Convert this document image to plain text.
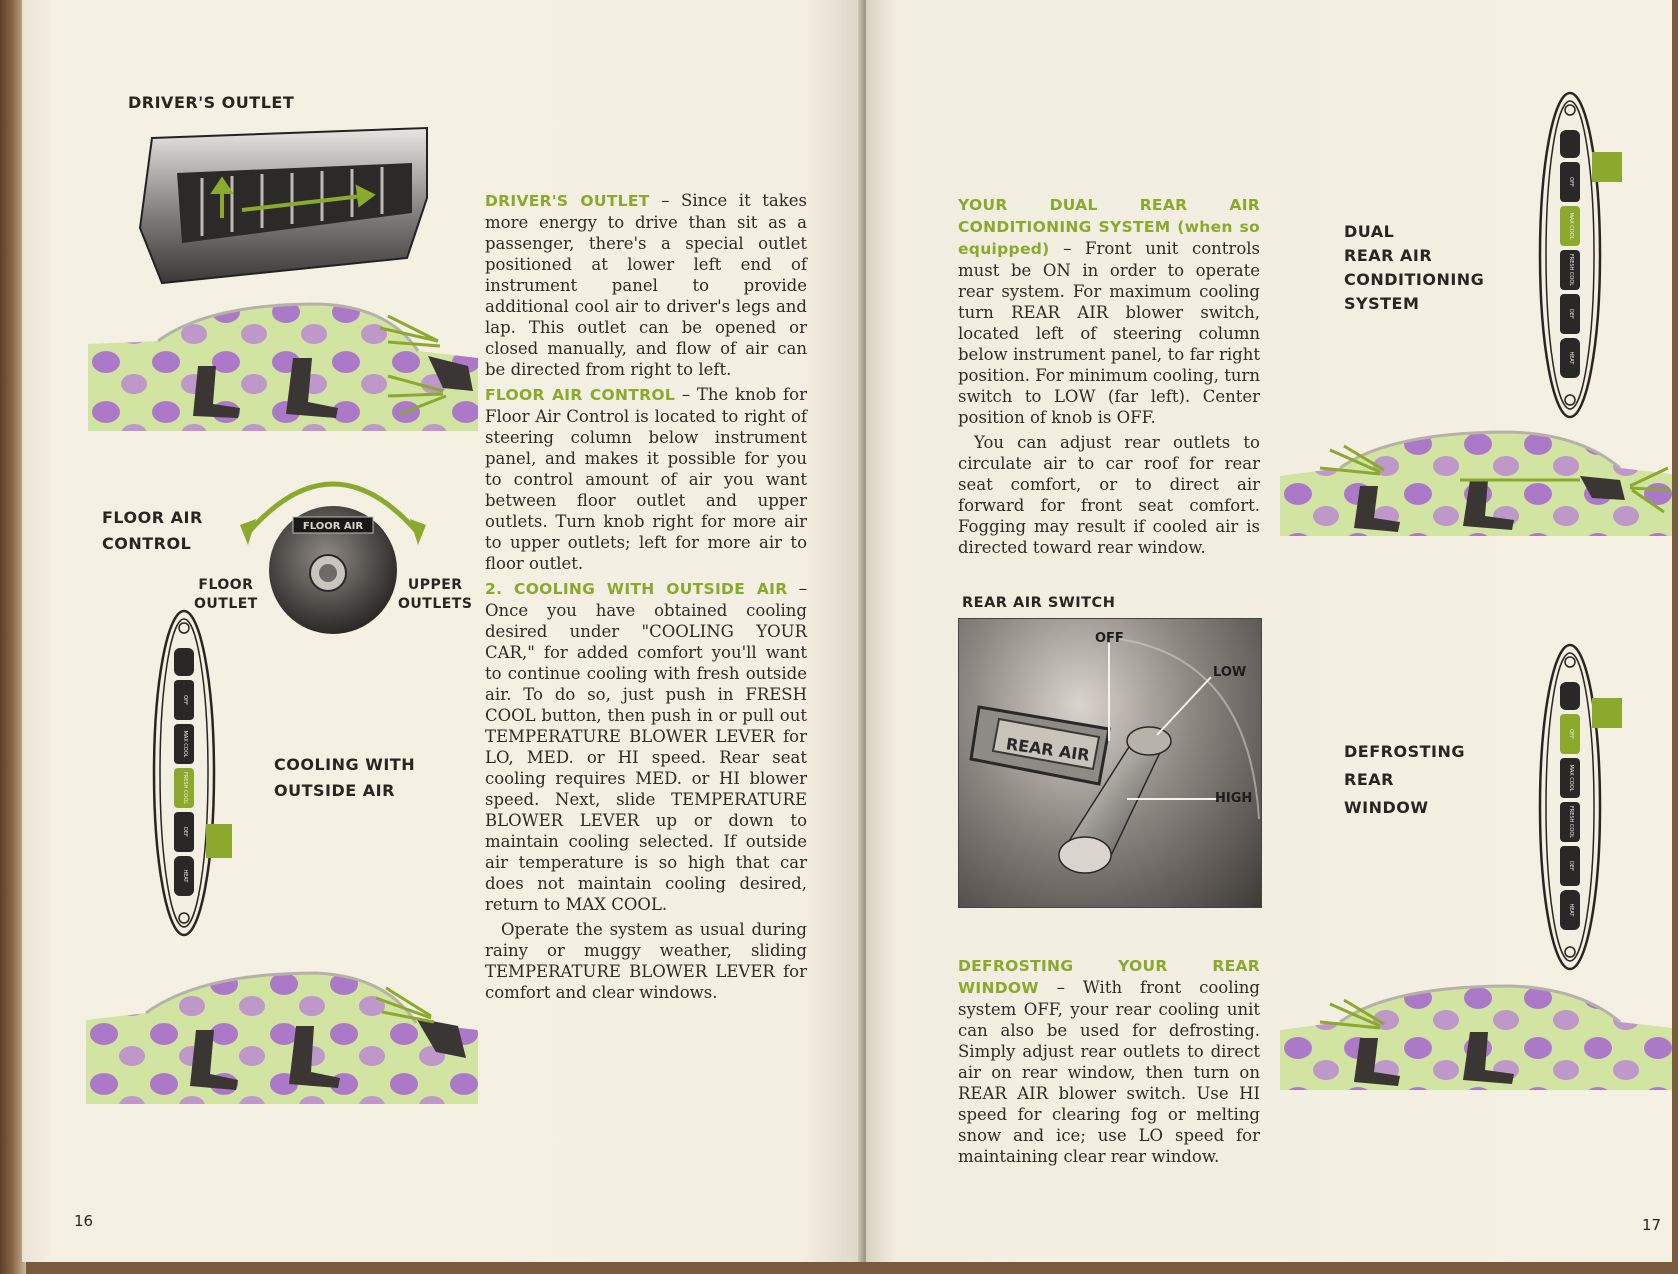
DRIVER'S OUTLET
FLOOR AIR
CONTROL
FLOOR
OUTLET
UPPER
OUTLETS
FLOOR AIR
OFF
MAX COOL
FRESH COOL
DEF
HEAT
COOLING WITH
OUTSIDE AIR

DRIVER'S OUTLET – Since it takes more energy to drive than sit as a passenger, there's a special outlet positioned at lower left end of instrument panel to provide additional cool air to driver's legs and lap. This outlet can be opened or closed manually, and flow of air can be directed from right to left.

FLOOR AIR CONTROL – The knob for Floor Air Control is located to right of steering column below instrument panel, and makes it possible for you to control amount of air you want between floor outlet and upper outlets. Turn knob right for more air to upper outlets; left for more air to floor outlet.

2. COOLING WITH OUTSIDE AIR – Once you have obtained cooling desired under "COOLING YOUR CAR," for added comfort you'll want to continue cooling with fresh outside air. To do so, just push in FRESH COOL button, then push in or pull out TEMPERATURE BLOWER LEVER for LO, MED. or HI speed. Rear seat cooling requires MED. or HI blower speed. Next, slide TEMPERATURE BLOWER LEVER up or down to maintain cooling selected. If outside air temperature is so high that car does not maintain cooling desired, return to MAX COOL.

Operate the system as usual during rainy or muggy weather, sliding TEMPERATURE BLOWER LEVER for comfort and clear windows.

16

YOUR DUAL REAR AIR CONDITIONING SYSTEM (when so equipped) – Front unit controls must be ON in order to operate rear system. For maximum cooling turn REAR AIR blower switch, located left of steering column below instrument panel, to far right position. For minimum cooling, turn switch to LOW (far left). Center position of knob is OFF.

You can adjust rear outlets to circulate air to car roof for rear seat comfort, or to direct air forward for front seat comfort. Fogging may result if cooled air is directed toward rear window.

REAR AIR SWITCH
REAR AIR
OFF
LOW
HIGH

DEFROSTING YOUR REAR WINDOW – With front cooling system OFF, your rear cooling unit can also be used for defrosting. Simply adjust rear outlets to direct air on rear window, then turn on REAR AIR blower switch. Use HI speed for clearing fog or melting snow and ice; use LO speed for maintaining clear rear window.

DUAL
REAR AIR
CONDITIONING
SYSTEM
DEFROSTING
REAR
WINDOW
OFF
MAX COOL
FRESH COOL
DEF
HEAT
OFF
MAX COOL
FRESH COOL
DEF
HEAT
17
